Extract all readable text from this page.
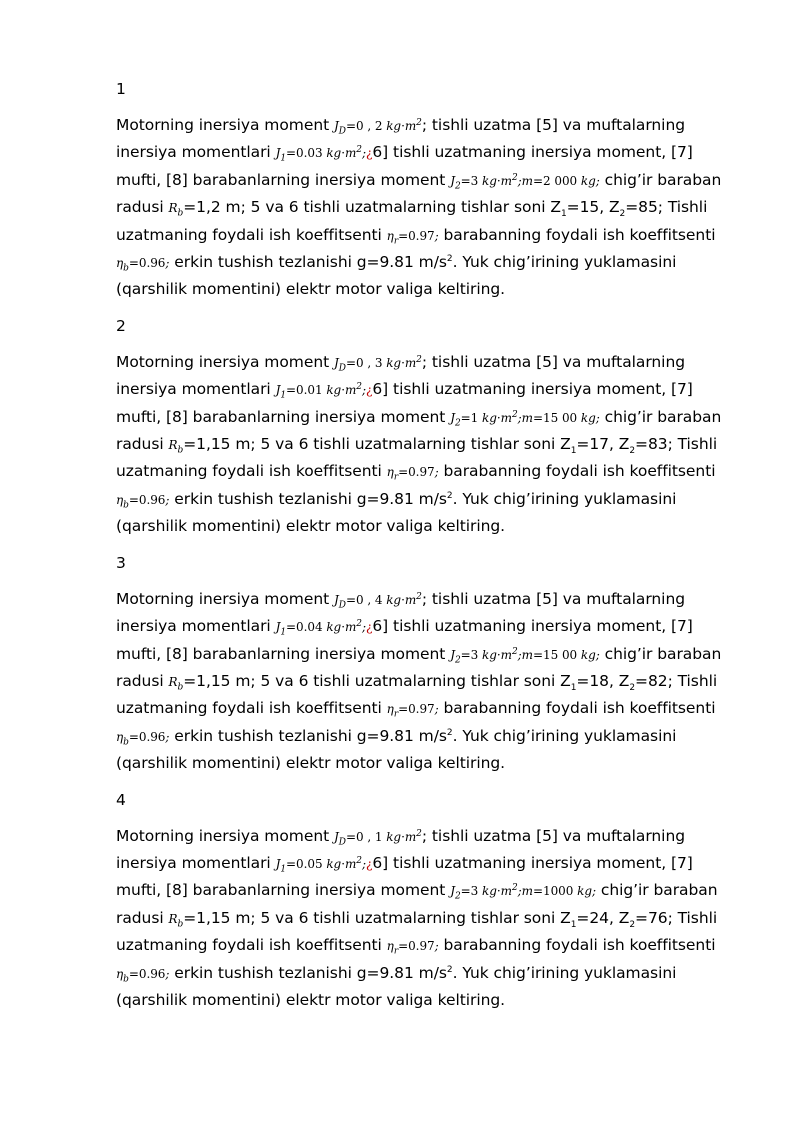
1
Motorning inersiya moment $J_D=0$ , 2 $kg\cdot m^2$; tishli uzatma [5] va muftalarning inersiya momentlari $J_1=0.03$ $kg\cdot m^2;¿6$] tishli uzatmaning inersiya moment, [7] mufti, [8] barabanlarning inersiya moment $J_2=3$ $kg\cdot m^2;m=2$ 000 kg; chig’ir baraban radusi $R_b=1,2$ m; 5 va 6 tishli uzatmalarning tishlar soni $Z_1=15$, $Z_2=85$; Tishli uzatmaning foydali ish koeffitsenti $\eta_r=0.97$; barabanning foydali ish koeffitsenti $\eta_b=0.96$; erkin tushish tezlanishi g=9.81 $m/s^2$. Yuk chig’irining yuklamasini (qarshilik momentini) elektr motor valiga keltiring.
2
Motorning inersiya moment $J_D=0$ , 3 $kg\cdot m^2$; tishli uzatma [5] va muftalarning inersiya momentlari $J_1=0.01$ $kg\cdot m^2;¿6$] tishli uzatmaning inersiya moment, [7] mufti, [8] barabanlarning inersiya moment $J_2=1$ $kg\cdot m^2;m=15$ 00 kg; chig’ir baraban radusi $R_b=1,15$ m; 5 va 6 tishli uzatmalarning tishlar soni $Z_1=17$, $Z_2=83$; Tishli uzatmaning foydali ish koeffitsenti $\eta_r=0.97$; barabanning foydali ish koeffitsenti $\eta_b=0.96$; erkin tushish tezlanishi g=9.81 $m/s^2$. Yuk chig’irining yuklamasini (qarshilik momentini) elektr motor valiga keltiring.
3
Motorning inersiya moment $J_D=0$ , 4 $kg\cdot m^2$; tishli uzatma [5] va muftalarning inersiya momentlari $J_1=0.04$ $kg\cdot m^2;¿6$] tishli uzatmaning inersiya moment, [7] mufti, [8] barabanlarning inersiya moment $J_2=3$ $kg\cdot m^2;m=15$ 00 kg; chig’ir baraban radusi $R_b=1,15$ m; 5 va 6 tishli uzatmalarning tishlar soni $Z_1=18$, $Z_2=82$; Tishli uzatmaning foydali ish koeffitsenti $\eta_r=0.97$; barabanning foydali ish koeffitsenti $\eta_b=0.96$; erkin tushish tezlanishi g=9.81 $m/s^2$. Yuk chig’irining yuklamasini (qarshilik momentini) elektr motor valiga keltiring.
4
Motorning inersiya moment $J_D=0$ , 1 $kg\cdot m^2$; tishli uzatma [5] va muftalarning inersiya momentlari $J_1=0.05$ $kg\cdot m^2;¿6$] tishli uzatmaning inersiya moment, [7] mufti, [8] barabanlarning inersiya moment $J_2=3$ $kg\cdot m^2;m=1000$ kg; chig’ir baraban radusi $R_b=1,15$ m; 5 va 6 tishli uzatmalarning tishlar soni $Z_1=24$, $Z_2=76$; Tishli uzatmaning foydali ish koeffitsenti $\eta_r=0.97$; barabanning foydali ish koeffitsenti $\eta_b=0.96$; erkin tushish tezlanishi g=9.81 $m/s^2$. Yuk chig’irining yuklamasini (qarshilik momentini) elektr motor valiga keltiring.
